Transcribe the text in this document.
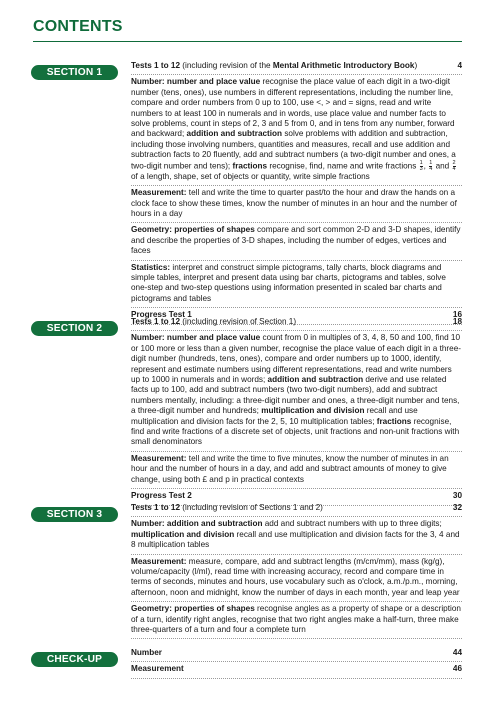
CONTENTS
SECTION 1
Tests 1 to 12 (including revision of the Mental Arithmetic Introductory Book)	4
Number: number and place value recognise the place value of each digit in a two-digit number (tens, ones), use numbers in different representations, including the number line, compare and order numbers from 0 up to 100, use <, > and = signs, read and write numbers to at least 100 in numerals and in words, use place value and number facts to solve problems, count in steps of 2, 3 and 5 from 0, and in tens from any number, forward and backward; addition and subtraction solve problems with addition and subtraction, including those involving numbers, quantities and measures, recall and use addition and subtraction facts to 20 fluently, add and subtract numbers (a two-digit number and ones, a two-digit number and tens); fractions recognise, find, name and write fractions $\frac{1}{3}$ , $\frac{1}{4}$ and $\frac{2}{4}$
of a length, shape, set of objects or quantity, write simple fractions
Measurement: tell and write the time to quarter past/to the hour and draw the hands on a clock face to show these times, know the number of minutes in an hour and the number of hours in a day
Geometry: properties of shapes compare and sort common 2-D and 3-D shapes, identify and describe the properties of 3-D shapes, including the number of edges, vertices and faces
Statistics: interpret and construct simple pictograms, tally charts, block diagrams and simple tables, interpret and present data using bar charts, pictograms and tables, solve one-step and two-step questions using information presented in scaled bar charts and pictograms and tables
Progress Test 1	16
SECTION 2
Tests 1 to 12 (including revision of Section 1)	18
Number: number and place value count from 0 in multiples of 3, 4, 8, 50 and 100, find 10 or 100 more or less than a given number, recognise the place value of each digit in a three-digit number (hundreds, tens, ones), compare and order numbers up to 1000, identify, represent and estimate numbers using different representations, read and write numbers up to 1000 in numerals and in words; addition and subtraction derive and use related facts up to 100, add and subtract numbers (two two-digit numbers), add and subtract numbers mentally, including: a three-digit number and ones, a three-digit number and tens, a three-digit number and hundreds; multiplication and division recall and use multiplication and division facts for the 2, 5, 10 multiplication tables; fractions recognise, find and write fractions of a discrete set of objects, unit fractions and non-unit fractions with small denominators
Measurement: tell and write the time to five minutes, know the number of minutes in an hour and the number of hours in a day, and add and subtract amounts of money to give change, using both £ and p in practical contexts
Progress Test 2	30
SECTION 3
Tests 1 to 12 (including revision of Sections 1 and 2)	32
Number: addition and subtraction add and subtract numbers with up to three digits; multiplication and division recall and use multiplication and division facts for the 3, 4 and 8 multiplication tables
Measurement: measure, compare, add and subtract lengths (m/cm/mm), mass (kg/g), volume/capacity (l/ml), read time with increasing accuracy, record and compare time in terms of seconds, minutes and hours, use vocabulary such as o'clock, a.m./p.m., morning, afternoon, noon and midnight, know the number of days in each month, year and leap year
Geometry: properties of shapes recognise angles as a property of shape or a description of a turn, identify right angles, recognise that two right angles make a half-turn, three make three-quarters of a turn and four a complete turn
CHECK-UP TESTS
Number	44
Measurement	46
